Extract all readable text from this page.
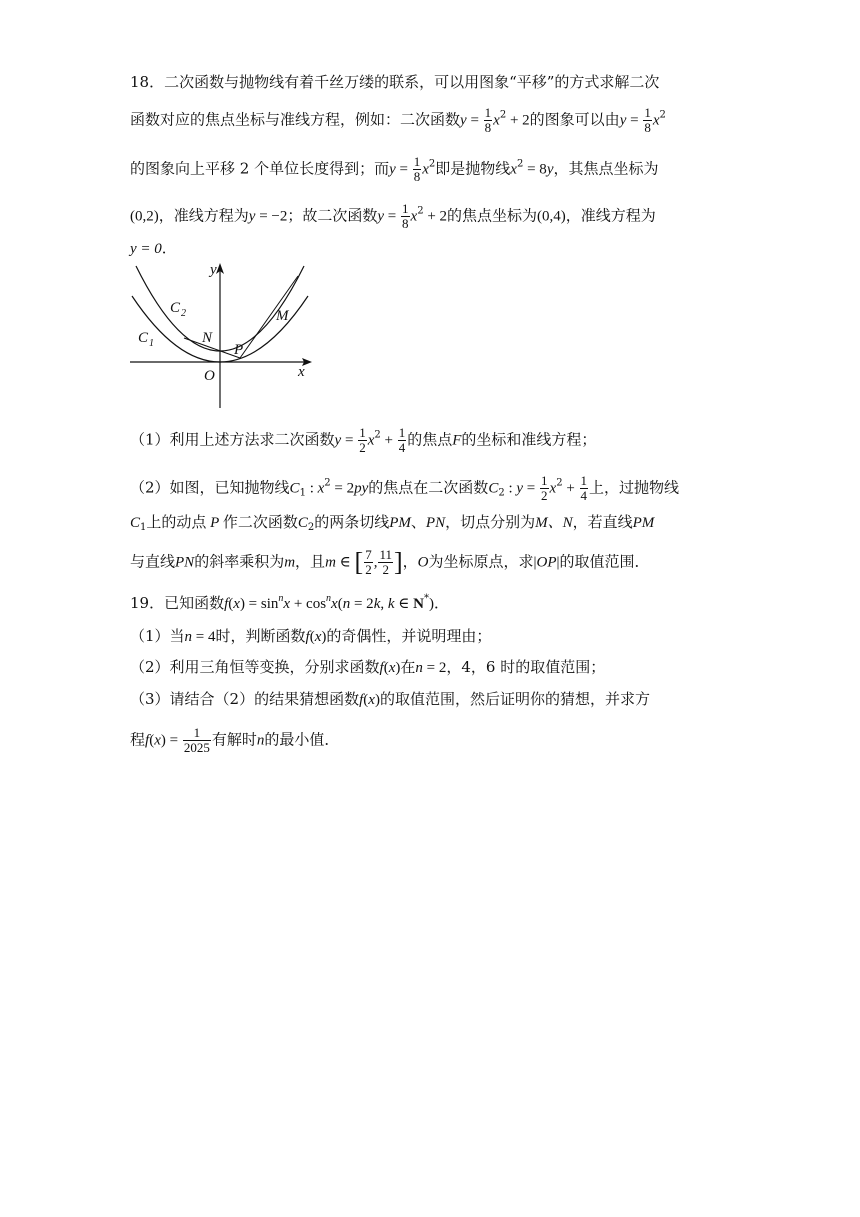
18．二次函数与抛物线有着千丝万缕的联系，可以用图象“平移”的方式求解二次
函数对应的焦点坐标与准线方程，例如：二次函数$y = \frac{1}{8} x^2 + 2$的图象可以由$y = \frac{1}{8} x^2$
的图象向上平移 2 个单位长度得到；而$y = \frac{1}{8} x^2$即是抛物线$x^2 = 8y$，其焦点坐标为
(0,2)，准线方程为y = −2；故二次函数$y = \frac{1}{8} x^2 + 2$的焦点坐标为(0,4)，准线方程为
y = 0．
y
x
O
C 2
C 1	N
M
P
（1）利用上述方法求二次函数$y = \frac{1}{2} x^2 + \frac{1}{4}$ 的焦点F的坐标和准线方程；
（2）如图，已知抛物线$C_1$ : $x^2 = 2py$的焦点在二次函数$C_2$ : $y = \frac{1}{2} x^2 + \frac{1}{4}$ 上，过抛物线
$C_1$上的动点 P 作二次函数$C_2$的两条切线PM、PN，切点分别为M、N，若直线PM
与直线PN的斜率乘积为m，且m ∈ [ $\frac{7}{2}$ , $\frac{11}{2}$ ]，O为坐标原点，求|OP|的取值范围．
19．已知函数$f(x) = \sin^nx + \cos^nx(n = 2k$, k ∈ N*)．
（1）当n = 4时，判断函数f(x)的奇偶性，并说明理由；
（2）利用三角恒等变换，分别求函数f(x)在n = 2，4，6 时的取值范围；
（3）请结合（2）的结果猜想函数f(x)的取值范围，然后证明你的猜想，并求方
程$f(x) = \frac{1}{2025}$ 有解时n的最小值．
